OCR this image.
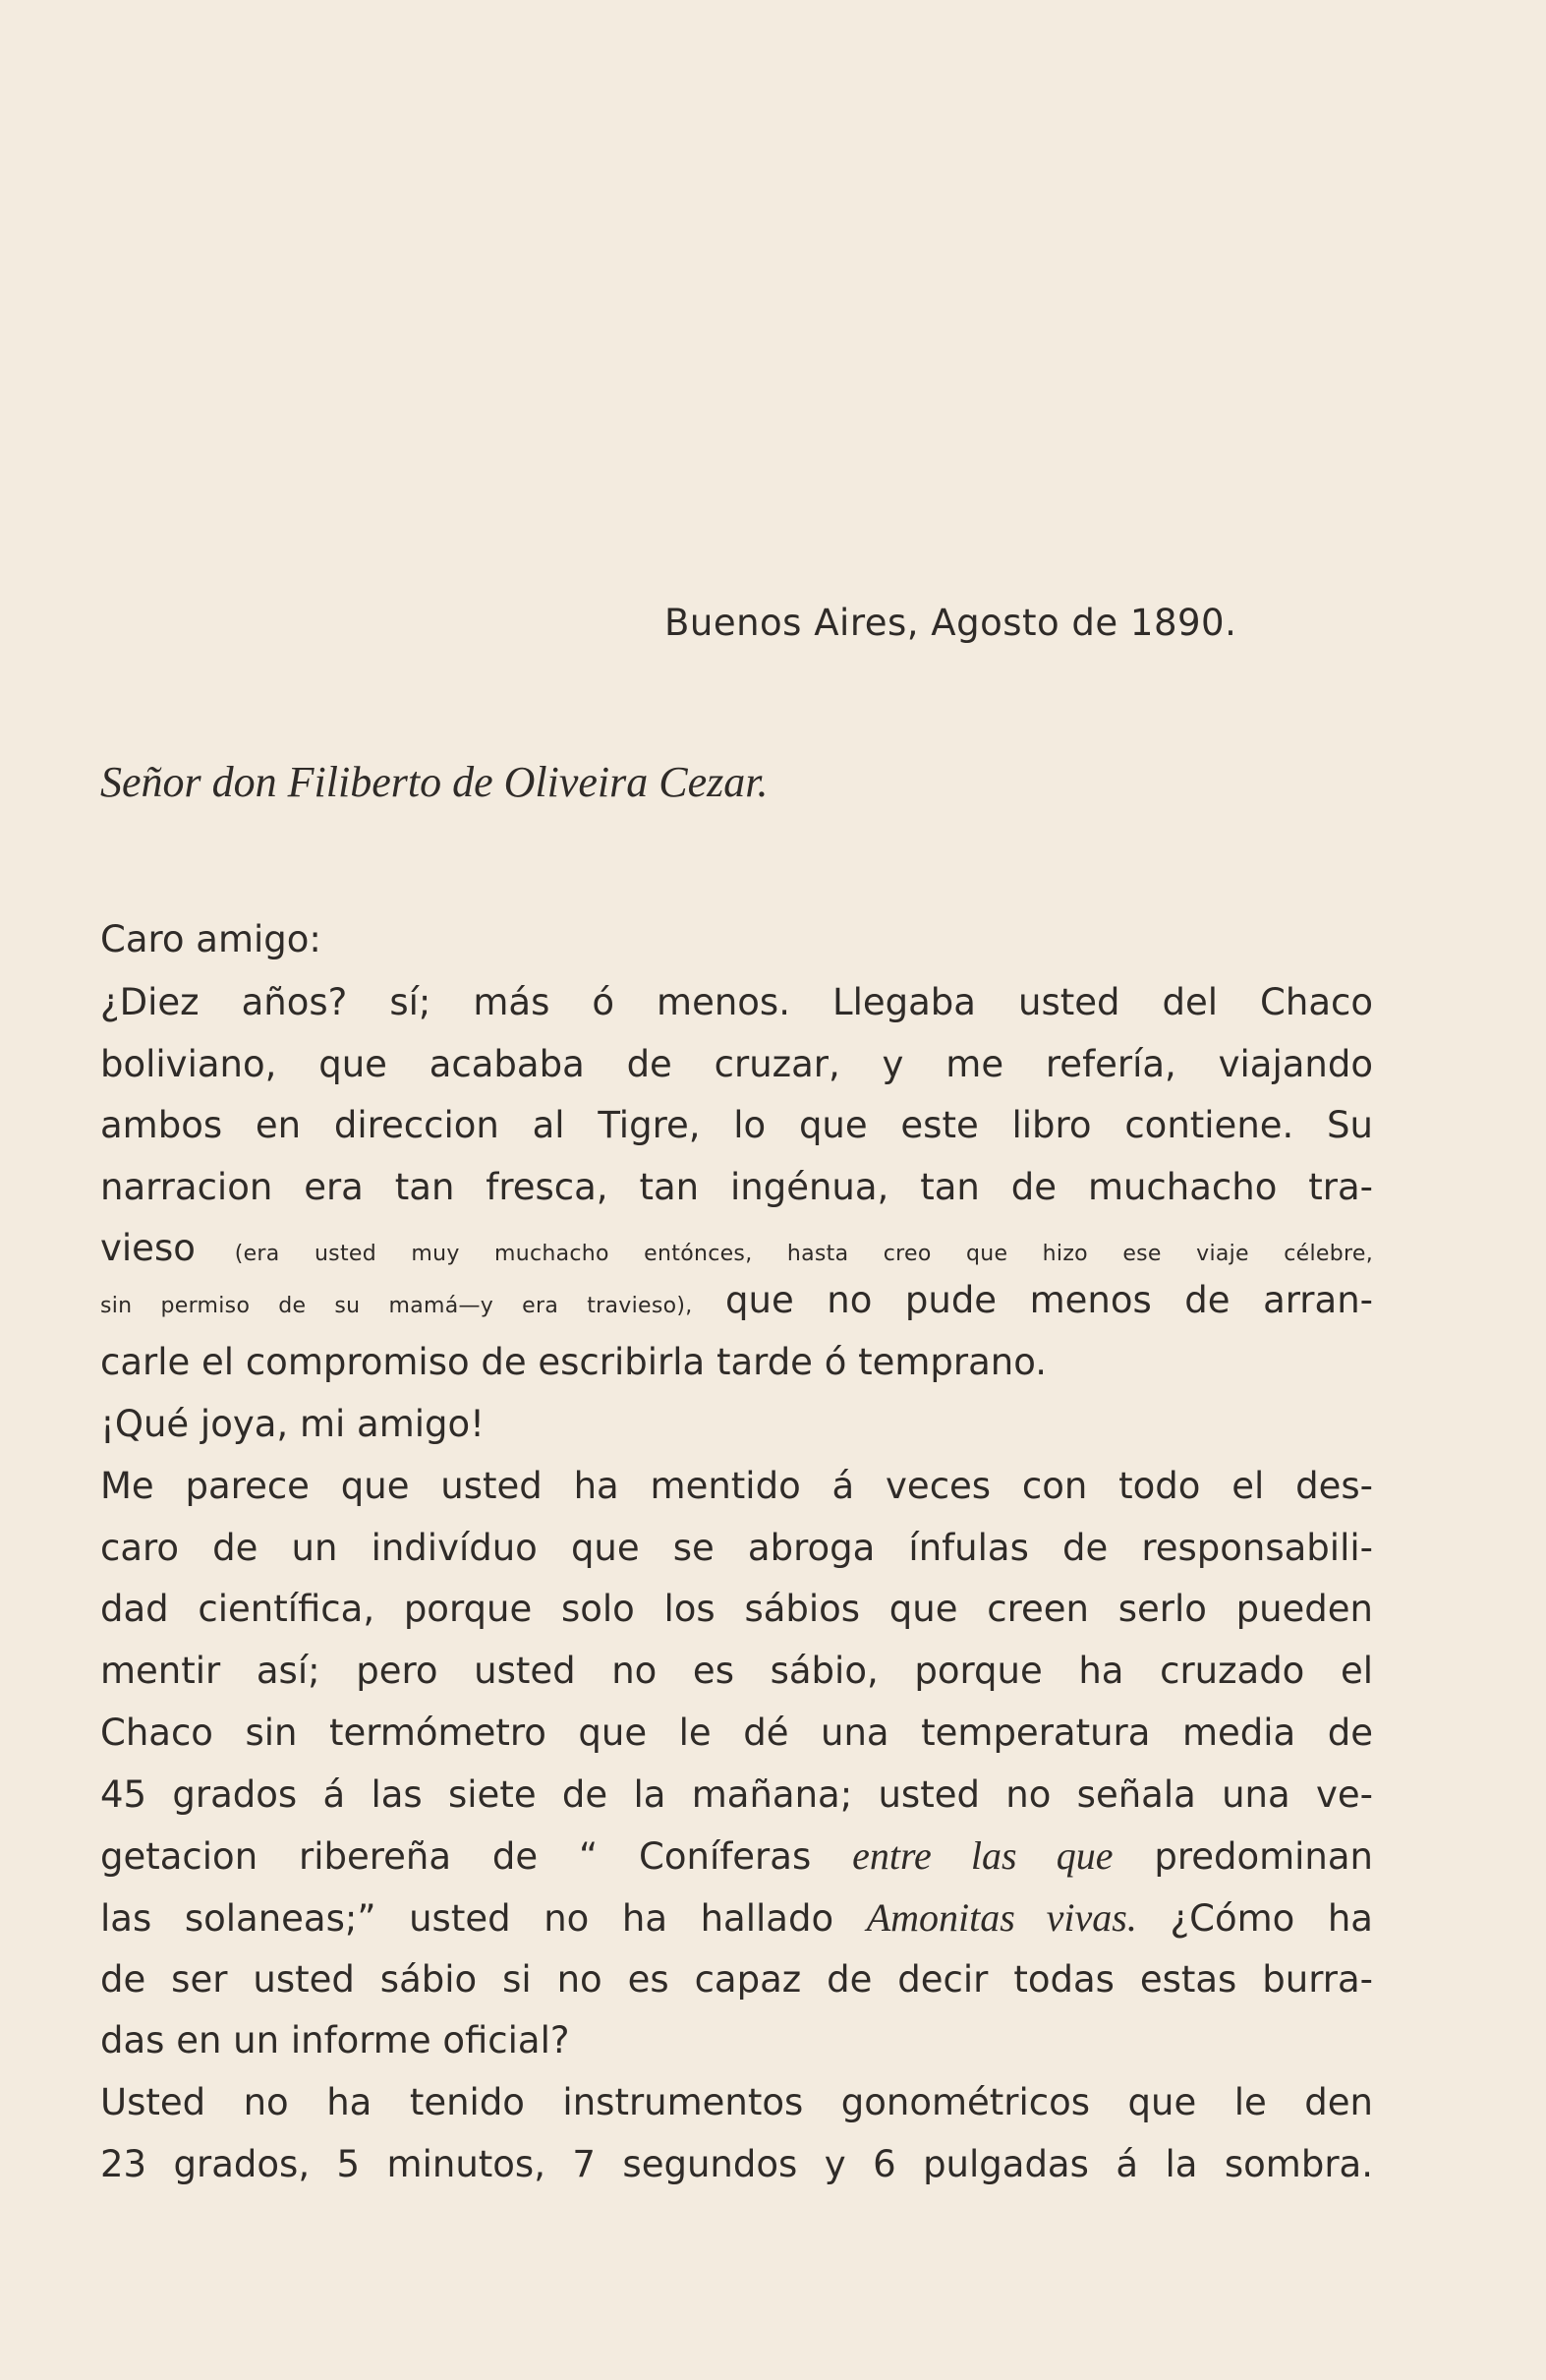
Buenos Aires, Agosto de 1890.
Señor don Filiberto de Oliveira Cezar.
Caro amigo:
¿Diez años? sí; más ó menos. Llegaba usted del Chaco
boliviano, que acababa de cruzar, y me refería, viajando
ambos en direccion al Tigre, lo que este libro contiene. Su
narracion era tan fresca, tan ingénua, tan de muchacho tra-
vieso (era usted muy muchacho entónces, hasta creo que hizo ese viaje célebre,
sin permiso de su mamá—y era travieso), que no pude menos de arran-
carle el compromiso de escribirla tarde ó temprano.
¡Qué joya, mi amigo!
Me parece que usted ha mentido á veces con todo el des-
caro de un indivíduo que se abroga ínfulas de responsabili-
dad científica, porque solo los sábios que creen serlo pueden
mentir así; pero usted no es sábio, porque ha cruzado el
Chaco sin termómetro que le dé una temperatura media de
45 grados á las siete de la mañana; usted no señala una ve-
getacion ribereña de “ Coníferas entre las que predominan
las solaneas;” usted no ha hallado Amonitas vivas. ¿Cómo ha
de ser usted sábio si no es capaz de decir todas estas burra-
das en un informe oficial?
Usted no ha tenido instrumentos gonométricos que le den
23 grados, 5 minutos, 7 segundos y 6 pulgadas á la sombra.
